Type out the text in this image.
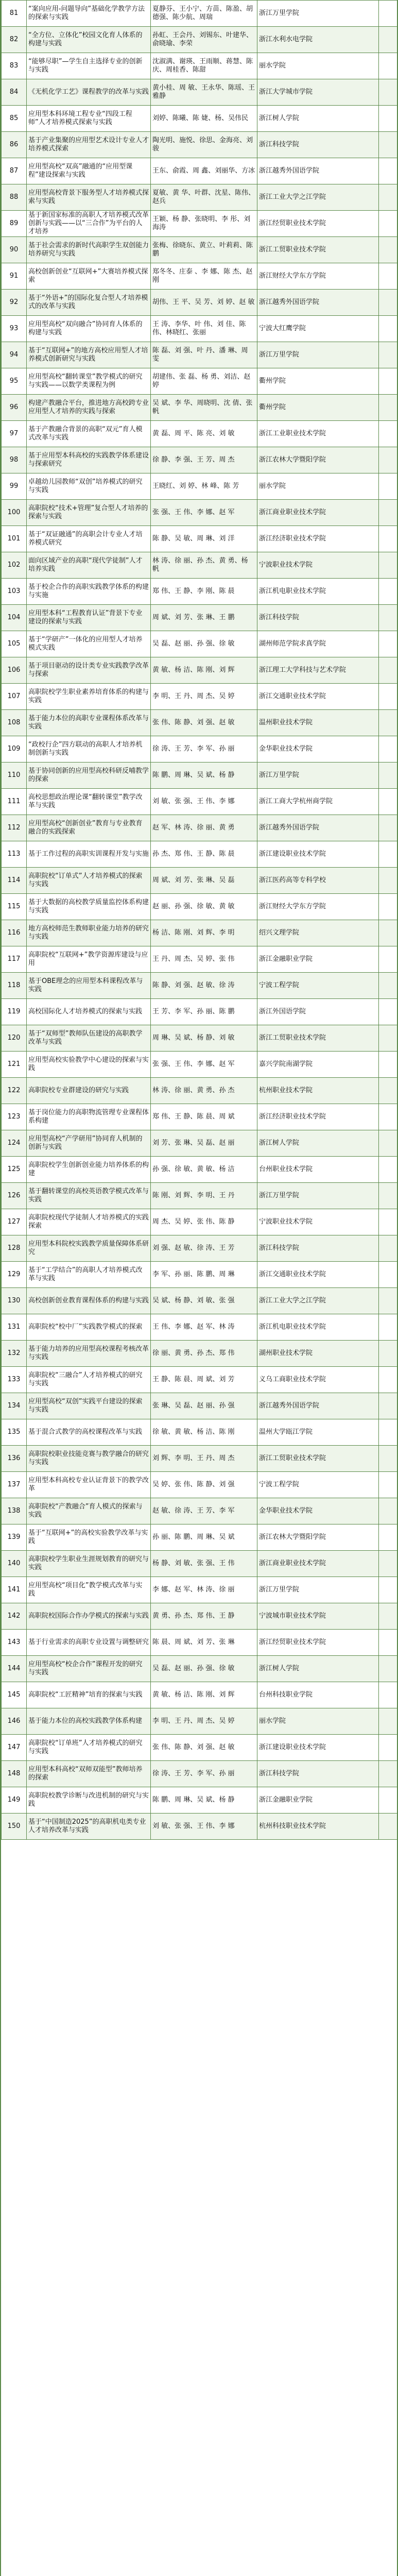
81	“案向应用-问题导向”基础化学教学方法的探索与实践	夏静芬、王小宁、方苗、陈盈、胡德强、陈少航、周瑞	浙江万里学院	
82	“全方位、立体化”校园文化育人体系的构建与实践	孙虹、王会丹、刘锡东、叶建华、俞晓瑜、李荣	浙江水利水电学院	
83	“能够尽职”—学生自主选择专业的创新与实践	沈淑满、谢瑛、王雨顺、蒋慧、陈庆、周桂香、陈甜	丽水学院	
84	《无机化学工艺》课程教学的改革与实践	黄小桂、周 敏、王永华、陈瑶、王雅静	浙江大学城市学院	
85	应用型本科环境工程专业“四段工程师”人才培养模式探索与实践	刘婷、陈曦、陈 婕、杨、吴伟民	浙江树人学院	
86	基于产业集聚的应用型艺术设计专业人才培养模式探索	陶光明、施悦、徐思、金海亮、刘骏	浙江科技学院	
87	应用型高校“双高”融通的“应用型课程”建设探索与实践	王东、俞霞、周 鑫、刘丽华、方冰	浙江越秀外国语学院	
88	应用型高校背景下服务型人才培养模式探索与实践	夏敏、黄 华、叶群、沈星、陈伟、赵兵	浙江工业大学之江学院	
89	基于新国家标准的高职人才培养模式改革创新与实践——以“三合作”为平台的人才培养	王颖、杨 静、张晓明、李 彤、刘海涛	浙江经贸职业技术学院	
90	基于社会需求的新时代高职学生双创能力培养研究与实践	张梅、徐晓东、黄立、叶莉莉、陈 鹏	浙江工贸职业技术学院	
91	高校创新创业“互联网+”大赛培养模式探索	郑冬冬、庄泰 、李 娜、陈 杰、赵 刚	浙江财经大学东方学院	
92	基于“外语+”的国际化复合型人才培养模式的改革与实践	胡伟、王 平、吴 芳、刘 婷、赵 敏	浙江越秀外国语学院	
93	应用型高校“双向融合”协同育人体系的构建与实践	王 涛、李华、叶 伟、刘 佳、陈 伟、林晓红、张丽	宁波大红鹰学院	
94	基于“互联网+”的地方高校应用型人才培养模式创新研究与实践	陈 磊、刘 强、叶 丹、潘 琳、周 雯	浙江万里学院	
95	应用型高校“翻转课堂”教学模式的研究与实践——以数学类课程为例	胡建伟、张 磊、杨 勇、刘洁、赵 婷	衢州学院	
96	构建产教融合平台，推进地方高校跨专业应用型人才培养的实践与探索	吴 斌、李 华、周晓明、沈 倩、张 帆	衢州学院	
97	基于产教融合背景的高职“双元”育人模式改革与实践	黄 磊、周 平、陈 亮、刘 敏	浙江工业职业技术学院	
98	基于应用型本科高校的实践教学体系建设与探索研究	徐 静、李 强、王 芳、周 杰	浙江农林大学暨阳学院	
99	卓越幼儿园教师“双创”培养模式的研究与实践	王晓红、刘 婷、林 峰、陈 芳	丽水学院	
100	高职院校“技术+管理”复合型人才培养的探索与实践	张 强、王 伟、李 娜、赵 军	浙江商业职业技术学院	
101	基于“双证融通”的高职会计专业人才培养模式研究	陈 静、吴 敏、周 琳、刘 洋	浙江经济职业技术学院	
102	面向区域产业的高职“现代学徒制”人才培养实践	林 涛、徐 丽、孙 杰、黄 勇、杨 帆	宁波职业技术学院	
103	基于校企合作的高职实践教学体系的构建与实施	郑 伟、王 静、李 刚、陈 晨	浙江机电职业技术学院	
104	应用型本科“工程教育认证”背景下专业建设的探索与实践	周 斌、刘 芳、张 琳、王 鹏	浙江科技学院	
105	基于“学研产”一体化的应用型人才培养模式实践	吴 磊、赵 丽、孙 强、徐 敏	湖州师范学院求真学院	
106	基于项目驱动的设计类专业实践教学改革与探索	黄 敏、杨 洁、陈 刚、刘 辉	浙江理工大学科技与艺术学院	
107	高职院校学生职业素养培育体系的构建与实践	李 明、王 丹、周 杰、吴 婷	浙江交通职业技术学院	
108	基于能力本位的高职专业课程体系改革与实践	张 伟、陈 静、刘 强、赵 敏	温州职业技术学院	
109	“政校行企”四方联动的高职人才培养机制创新与实践	徐 涛、王 芳、李 军、孙 丽	金华职业技术学院	
110	基于协同创新的应用型高校科研反哺教学的探索	陈 鹏、周 琳、吴 斌、杨 静	浙江万里学院	
111	高校思想政治理论课“翻转课堂”教学改革与实践	刘 敏、张 强、王 伟、李 娜	浙江工商大学杭州商学院	
112	应用型高校“创新创业”教育与专业教育融合的实践探索	赵 军、林 涛、徐 丽、黄 勇	浙江越秀外国语学院	
113	基于工作过程的高职实训课程开发与实施	孙 杰、郑 伟、王 静、陈 晨	浙江建设职业技术学院	
114	高职院校“订单式”人才培养模式的探索与实践	周 斌、刘 芳、张 琳、吴 磊	浙江医药高等专科学校	
115	基于大数据的高校教学质量监控体系构建与实践	赵 丽、孙 强、徐 敏、黄 敏	浙江财经大学东方学院	
116	地方高校师范生教师职业能力培养的研究与实践	杨 洁、陈 刚、刘 辉、李 明	绍兴文理学院	
117	高职院校“互联网+”教学资源库建设与应用	王 丹、周 杰、吴 婷、张 伟	浙江金融职业学院	
118	基于OBE理念的应用型本科课程改革与实践	陈 静、刘 强、赵 敏、徐 涛	宁波工程学院	
119	高校国际化人才培养模式的探索与实践	王 芳、李 军、孙 丽、陈 鹏	浙江外国语学院	
120	基于“双师型”教师队伍建设的高职教学改革与实践	周 琳、吴 斌、杨 静、刘 敏	浙江工贸职业技术学院	
121	应用型高校实验教学中心建设的探索与实践	张 强、王 伟、李 娜、赵 军	嘉兴学院南湖学院	
122	高职院校专业群建设的研究与实践	林 涛、徐 丽、黄 勇、孙 杰	杭州职业技术学院	
123	基于岗位能力的高职物流管理专业课程体系构建	郑 伟、王 静、陈 晨、周 斌	浙江经济职业技术学院	
124	应用型高校“产学研用”协同育人机制的创新与实践	刘 芳、张 琳、吴 磊、赵 丽	浙江树人学院	
125	高职院校学生创新创业能力培养体系的构建	孙 强、徐 敏、黄 敏、杨 洁	台州职业技术学院	
126	基于翻转课堂的高校英语教学模式改革与实践	陈 刚、刘 辉、李 明、王 丹	浙江万里学院	
127	高职院校现代学徒制人才培养模式的实践探索	周 杰、吴 婷、张 伟、陈 静	宁波职业技术学院	
128	应用型本科院校实践教学质量保障体系研究	刘 强、赵 敏、徐 涛、王 芳	浙江科技学院	
129	基于“工学结合”的高职人才培养模式改革与实践	李 军、孙 丽、陈 鹏、周 琳	浙江交通职业技术学院	
130	高校创新创业教育课程体系的构建与实践	吴 斌、杨 静、刘 敏、张 强	浙江工业大学之江学院	
131	高职院校“校中厂”实践教学模式的探索	王 伟、李 娜、赵 军、林 涛	浙江机电职业技术学院	
132	基于能力培养的应用型高校课程考核改革与实践	徐 丽、黄 勇、孙 杰、郑 伟	湖州职业技术学院	
133	高职院校“三融合”人才培养模式的研究与实践	王 静、陈 晨、周 斌、刘 芳	义乌工商职业技术学院	
134	应用型高校“双创”实践平台建设的探索与实践	张 琳、吴 磊、赵 丽、孙 强	浙江越秀外国语学院	
135	基于混合式教学的高校课程改革与实践	徐 敏、黄 敏、杨 洁、陈 刚	温州大学瓯江学院	
136	高职院校职业技能竞赛与教学融合的研究与实践	刘 辉、李 明、王 丹、周 杰	浙江工贸职业技术学院	
137	应用型本科高校专业认证背景下的教学改革	吴 婷、张 伟、陈 静、刘 强	宁波工程学院	
138	高职院校“产教融合”育人模式的探索与实践	赵 敏、徐 涛、王 芳、李 军	金华职业技术学院	
139	基于“互联网+”的高校实验教学改革与实践	孙 丽、陈 鹏、周 琳、吴 斌	浙江农林大学暨阳学院	
140	高职院校学生职业生涯规划教育的研究与实践	杨 静、刘 敏、张 强、王 伟	浙江商业职业技术学院	
141	应用型高校“项目化”教学模式改革与实践	李 娜、赵 军、林 涛、徐 丽	浙江万里学院	
142	高职院校国际合作办学模式的探索与实践	黄 勇、孙 杰、郑 伟、王 静	宁波城市职业技术学院	
143	基于行业需求的高职专业设置与调整研究	陈 晨、周 斌、刘 芳、张 琳	浙江经贸职业技术学院	
144	应用型高校“校企合作”课程开发的研究与实践	吴 磊、赵 丽、孙 强、徐 敏	浙江树人学院	
145	高职院校“工匠精神”培育的探索与实践	黄 敏、杨 洁、陈 刚、刘 辉	台州科技职业学院	
146	基于能力本位的高校实践教学体系构建	李 明、王 丹、周 杰、吴 婷	丽水学院	
147	高职院校“订单班”人才培养模式的研究与实践	张 伟、陈 静、刘 强、赵 敏	浙江建设职业技术学院	
148	应用型本科高校“双师双能型”教师培养的探索	徐 涛、王 芳、李 军、孙 丽	浙江科技学院	
149	高职院校教学诊断与改进机制的研究与实践	陈 鹏、周 琳、吴 斌、杨 静	浙江金融职业学院	
150	基于“中国制造2025”的高职机电类专业人才培养改革与实践	刘 敏、张 强、王 伟、李 娜	杭州科技职业技术学院	
